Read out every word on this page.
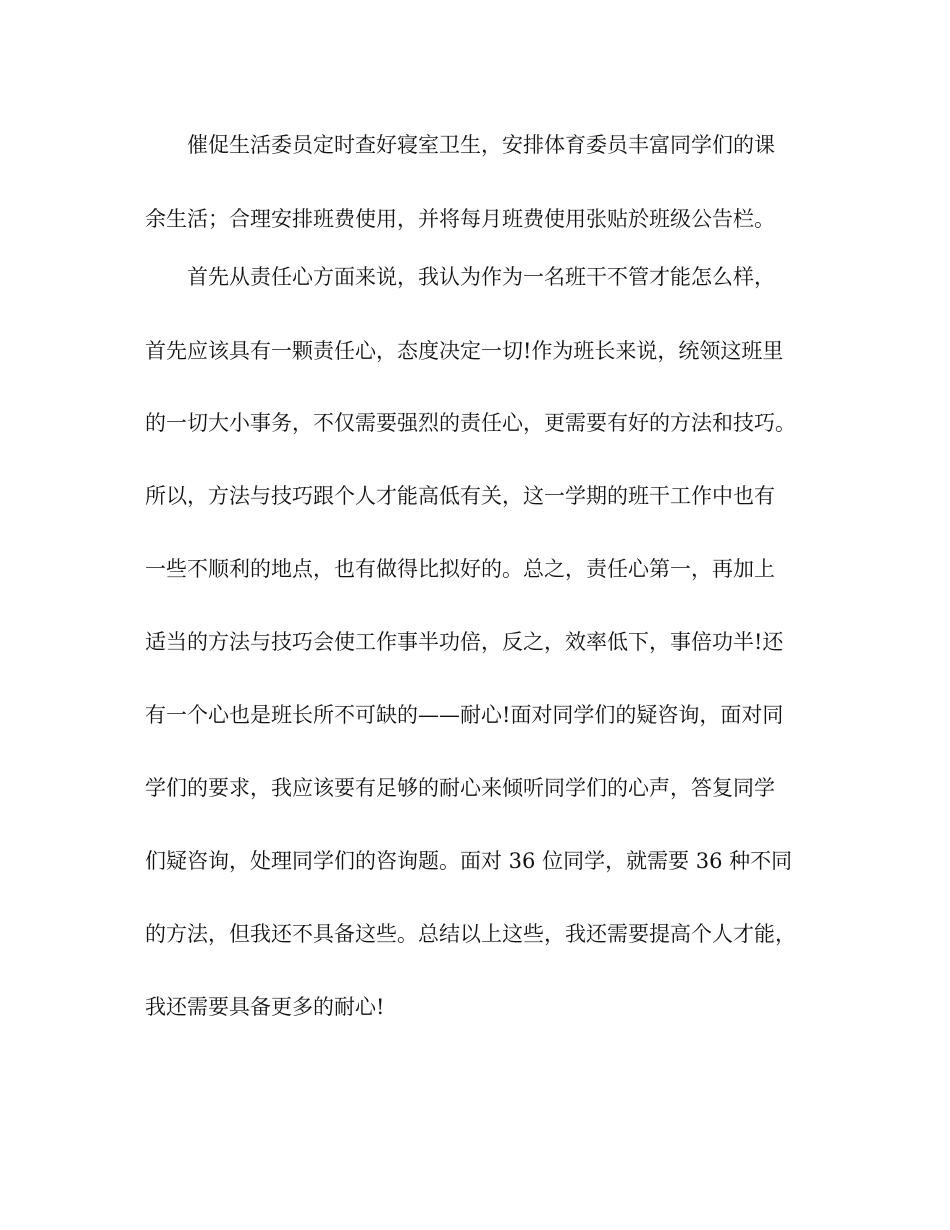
催促生活委员定时查好寝室卫生，安排体育委员丰富同学们的课
余生活；合理安排班费使用，并将每月班费使用张贴於班级公告栏。
首先从责任心方面来说，我认为作为一名班干不管才能怎么样，
首先应该具有一颗责任心，态度决定一切!作为班长来说，统领这班里
的一切大小事务，不仅需要强烈的责任心，更需要有好的方法和技巧。
所以，方法与技巧跟个人才能高低有关，这一学期的班干工作中也有
一些不顺利的地点，也有做得比拟好的。总之，责任心第一，再加上
适当的方法与技巧会使工作事半功倍，反之，效率低下，事倍功半!还
有一个心也是班长所不可缺的——耐心!面对同学们的疑咨询，面对同
学们的要求，我应该要有足够的耐心来倾听同学们的心声，答复同学
们疑咨询，处理同学们的咨询题。面对 36 位同学，就需要 36 种不同
的方法，但我还不具备这些。总结以上这些，我还需要提高个人才能，
我还需要具备更多的耐心!
